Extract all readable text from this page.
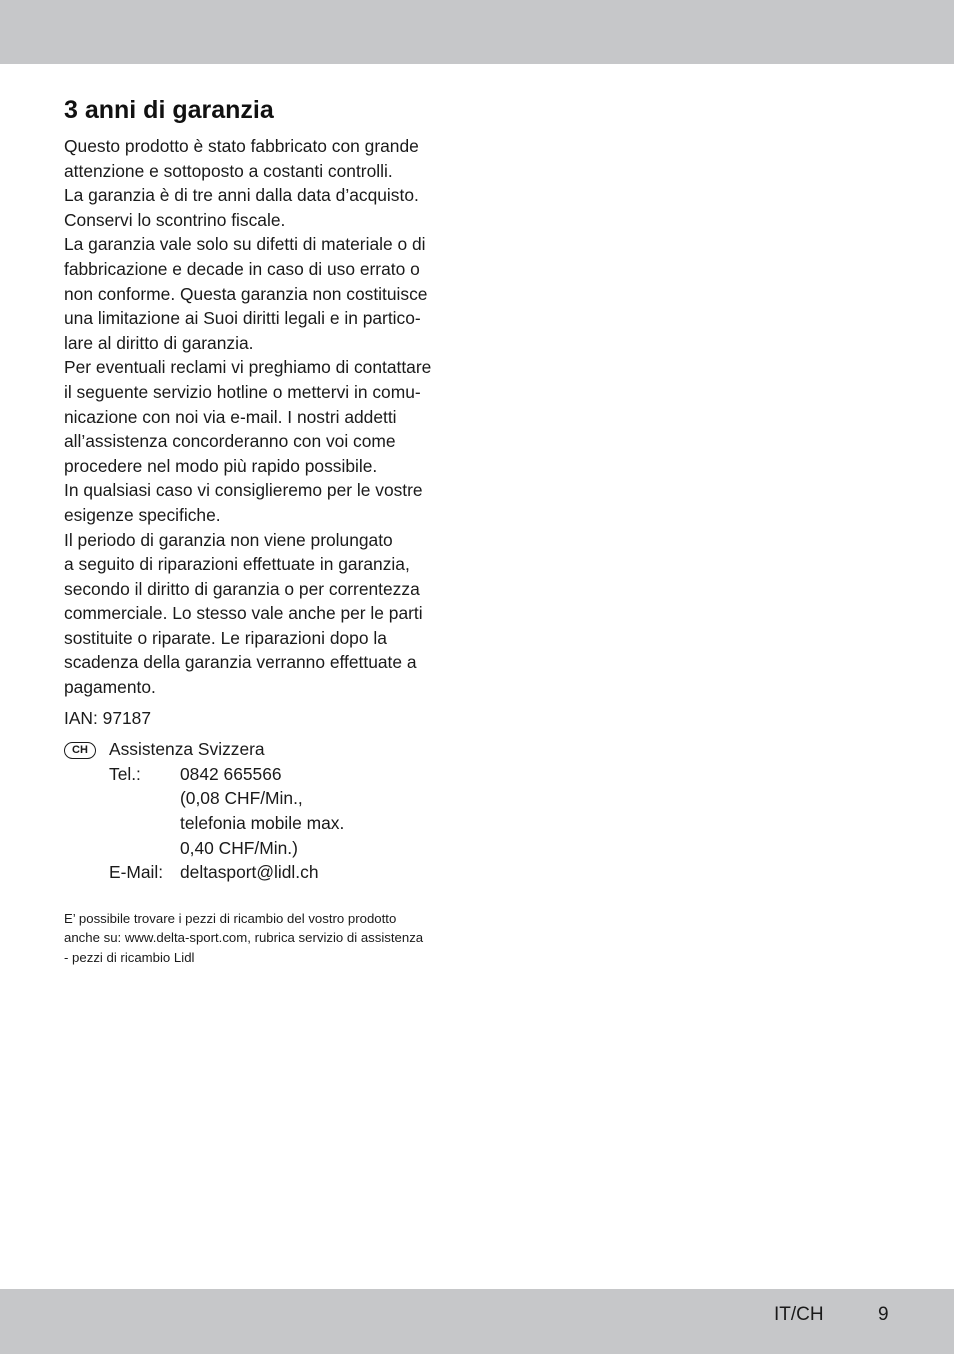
3 anni di garanzia

Questo prodotto è stato fabbricato con grande

attenzione e sottoposto a costanti controlli.

La garanzia è di tre anni dalla data d’acquisto.

Conservi lo scontrino fiscale.

La garanzia vale solo su difetti di materiale o di

fabbricazione e decade in caso di uso errato o

non conforme. Questa garanzia non costituisce

una limitazione ai Suoi diritti legali e in partico-

lare al diritto di garanzia.

Per eventuali reclami vi preghiamo di contattare

il seguente servizio hotline o mettervi in comu-

nicazione con noi via e-mail. I nostri addetti

all’assistenza concorderanno con voi come

procedere nel modo più rapido possibile.

In qualsiasi caso vi consiglieremo per le vostre

esigenze specifiche.

Il periodo di garanzia non viene prolungato

a seguito di riparazioni effettuate in garanzia,

secondo il diritto di garanzia o per correntezza

commerciale. Lo stesso vale anche per le parti

sostituite o riparate. Le riparazioni dopo la

scadenza della garanzia verranno effettuate a

pagamento.

IAN: 97187
CH	Assistenza Svizzera
Tel.:	0842 665566
(0,08 CHF/Min.,
telefonia mobile max.
0,40 CHF/Min.)
E-Mail: deltasport@lidl.ch
E’ possibile trovare i pezzi di ricambio del vostro prodotto
anche su: www.delta-sport.com, rubrica servizio di assistenza
- pezzi di ricambio Lidl
IT/CH	9
